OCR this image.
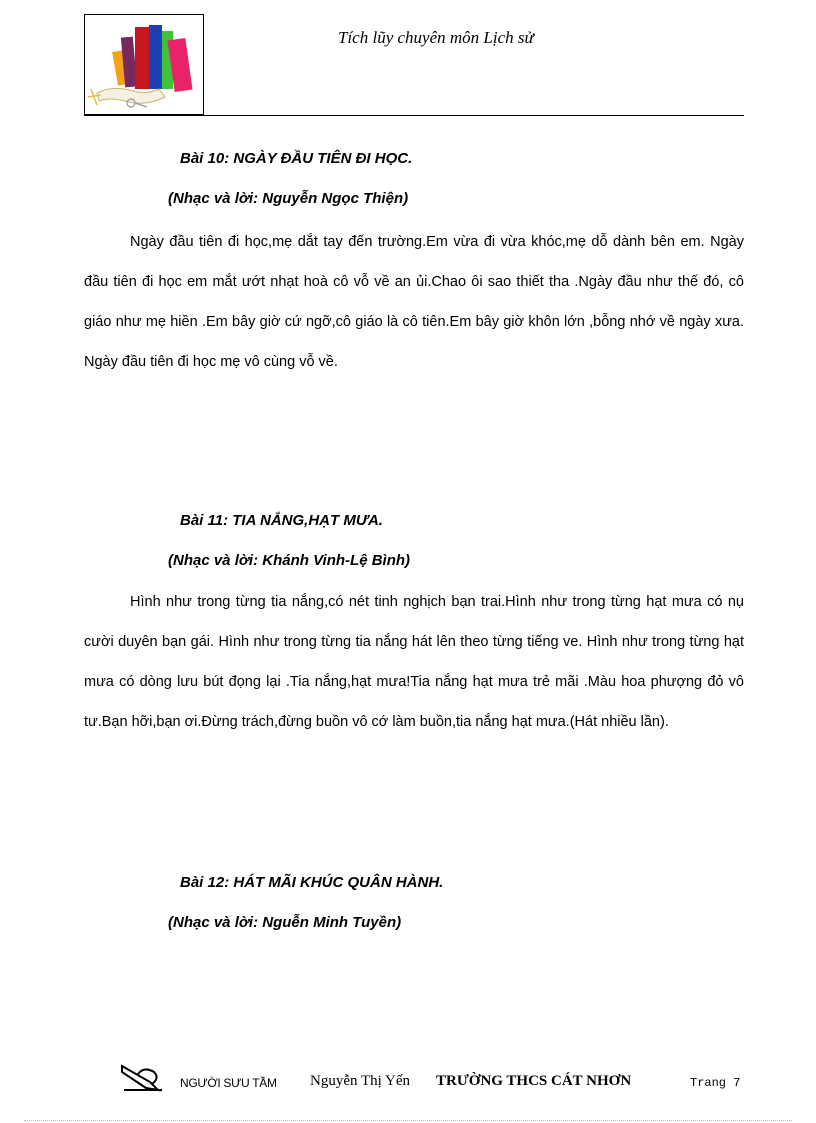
Tích lũy chuyên môn Lịch sử
Bài 10: NGÀY ĐẦU TIÊN ĐI HỌC.
(Nhạc và lời: Nguyễn Ngọc Thiện)

Ngày đầu tiên đi học,mẹ dắt tay đến trường.Em vừa đi vừa khóc,mẹ dỗ dành bên em. Ngày đầu tiên đi học em mắt ướt nhạt hoà cô vỗ về an ủi.Chao ôi sao thiết tha .Ngày đầu như thế đó, cô giáo như mẹ hiền .Em bây giờ cứ ngỡ,cô giáo là cô tiên.Em bây giờ khôn lớn ,bỗng nhớ về ngày xưa. Ngày đầu tiên đi học mẹ vô cùng vỗ về.

Bài 11: TIA NẮNG,HẠT MƯA.
(Nhạc và lời: Khánh Vinh-Lệ Bình)

Hình như trong từng tia nắng,có nét tinh nghịch bạn trai.Hình như trong từng hạt mưa có nụ cười duyên bạn gái. Hình như trong từng tia nắng hát lên theo từng tiếng ve. Hình như trong từng hạt mưa có dòng lưu bút đọng lại .Tia nắng,hạt mưa!Tia nắng hạt mưa trẻ mãi .Màu hoa phượng đỏ vô tư.Bạn hỡi,bạn ơi.Đừng trách,đừng buồn vô cớ làm buồn,tia nắng hạt mưa.(Hát nhiều lần).

Bài 12: HÁT MÃI KHÚC QUÂN HÀNH.
(Nhạc và lời: Nguễn Minh Tuyền)
NGƯỜI SƯU TẦM Nguyễn Thị Yến TRƯỜNG THCS CÁT NHƠN	Trang 7
